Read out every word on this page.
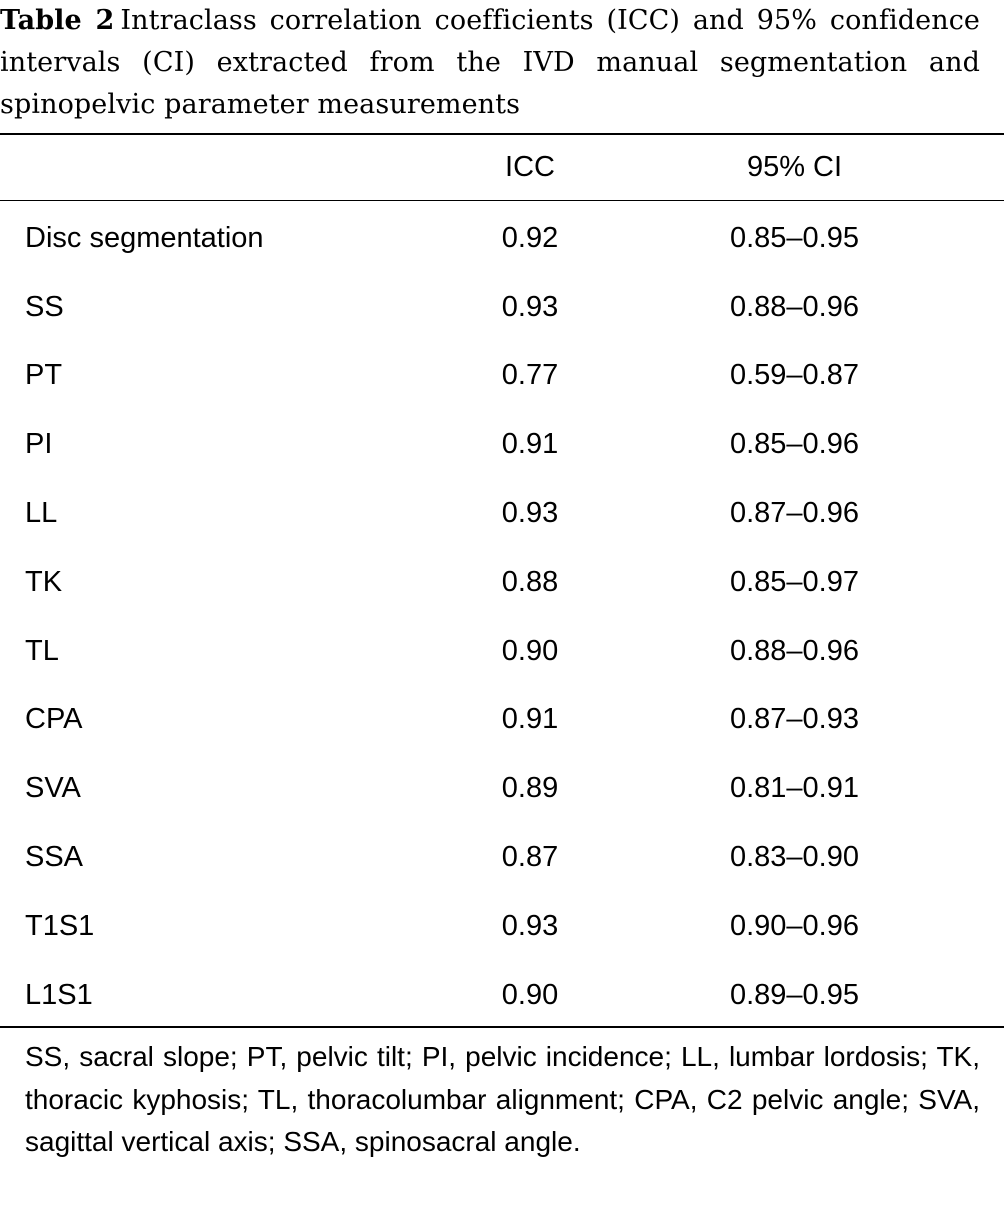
Table 2 Intraclass correlation coefficients (ICC) and 95% confidence intervals (CI) extracted from the IVD manual segmentation and spinopelvic parameter measurements
	ICC	95% CI
Disc segmentation	0.92	0.85–0.95
SS	0.93	0.88–0.96
PT	0.77	0.59–0.87
PI	0.91	0.85–0.96
LL	0.93	0.87–0.96
TK	0.88	0.85–0.97
TL	0.90	0.88–0.96
CPA	0.91	0.87–0.93
SVA	0.89	0.81–0.91
SSA	0.87	0.83–0.90
T1S1	0.93	0.90–0.96
L1S1	0.90	0.89–0.95
SS, sacral slope; PT, pelvic tilt; PI, pelvic incidence; LL, lumbar lordosis; TK, thoracic kyphosis; TL, thoracolumbar alignment; CPA, C2 pelvic angle; SVA, sagittal vertical axis; SSA, spinosacral angle.
